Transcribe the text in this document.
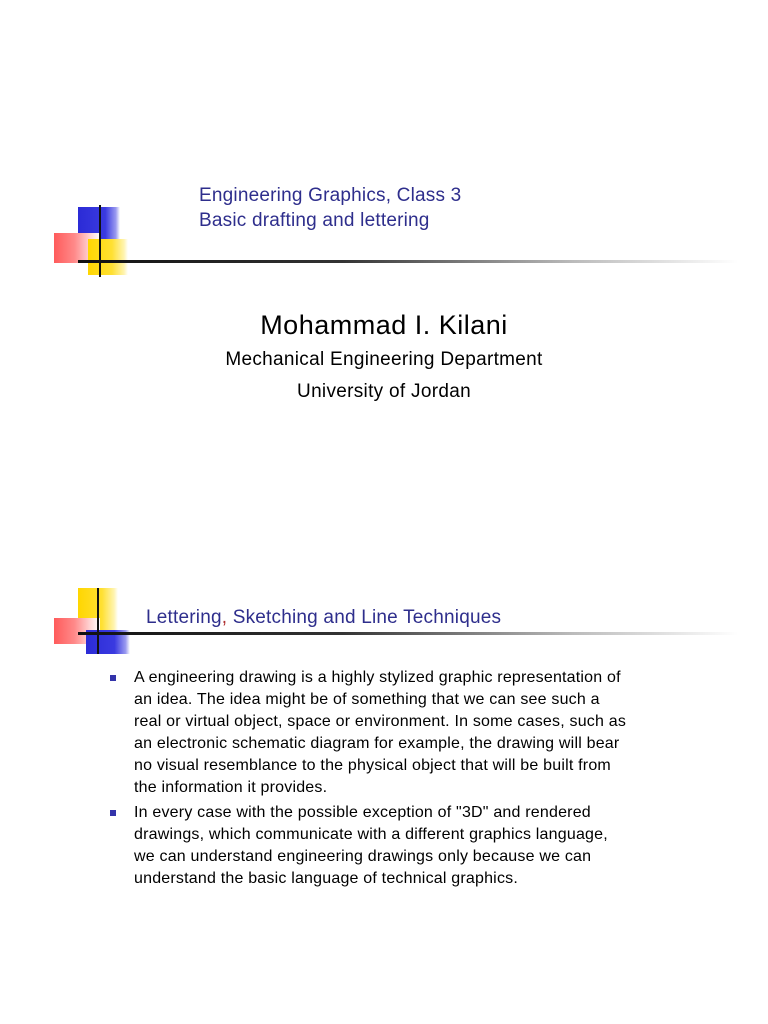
Engineering Graphics, Class 3
Basic drafting and lettering
Mohammad I. Kilani
Mechanical Engineering Department
University of Jordan
Lettering, Sketching and Line Techniques
A engineering drawing is a highly stylized graphic representation of an idea. The idea might be of something that we can see such a real or virtual object, space or environment. In some cases, such as an electronic schematic diagram for example, the drawing will bear no visual resemblance to the physical object that will be built from the information it provides.
In every case with the possible exception of "3D" and rendered drawings, which communicate with a different graphics language, we can understand engineering drawings only because we can understand the basic language of technical graphics.
